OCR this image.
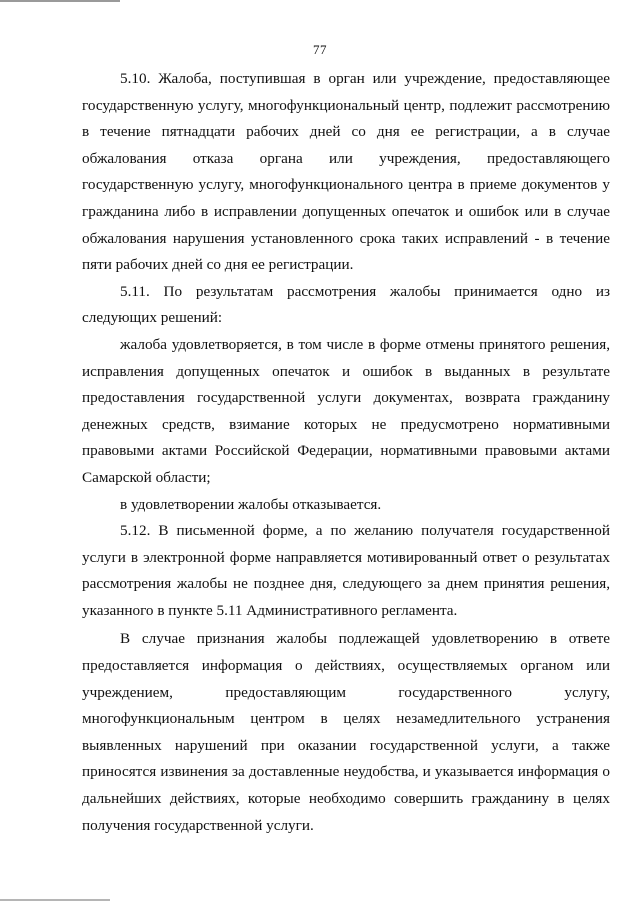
77
5.10. Жалоба, поступившая в орган или учреждение, предоставляющее
государственную услугу, многофункциональный центр, подлежит рассмотрению
в течение пятнадцати рабочих дней со дня ее регистрации, а в случае
обжалования отказа органа или учреждения, предоставляющего
государственную услугу, многофункционального центра в приеме документов у
гражданина либо в исправлении допущенных опечаток и ошибок или в случае
обжалования нарушения установленного срока таких исправлений - в течение
пяти рабочих дней со дня ее регистрации.
5.11. По результатам рассмотрения жалобы принимается одно из
следующих решений:
жалоба удовлетворяется, в том числе в форме отмены принятого решения,
исправления допущенных опечаток и ошибок в выданных в результате
предоставления государственной услуги документах, возврата гражданину
денежных средств, взимание которых не предусмотрено нормативными
правовыми актами Российской Федерации, нормативными правовыми актами
Самарской области;
в удовлетворении жалобы отказывается.
5.12. В письменной форме, а по желанию получателя государственной
услуги в электронной форме направляется мотивированный ответ о результатах
рассмотрения жалобы не позднее дня, следующего за днем принятия решения,
указанного в пункте 5.11 Административного регламента.
В случае признания жалобы подлежащей удовлетворению в ответе
предоставляется информация о действиях, осуществляемых органом или
учреждением, предоставляющим государственного услугу,
многофункциональным центром в целях незамедлительного устранения
выявленных нарушений при оказании государственной услуги, а также
приносятся извинения за доставленные неудобства, и указывается информация о
дальнейших действиях, которые необходимо совершить гражданину в целях
получения государственной услуги.
